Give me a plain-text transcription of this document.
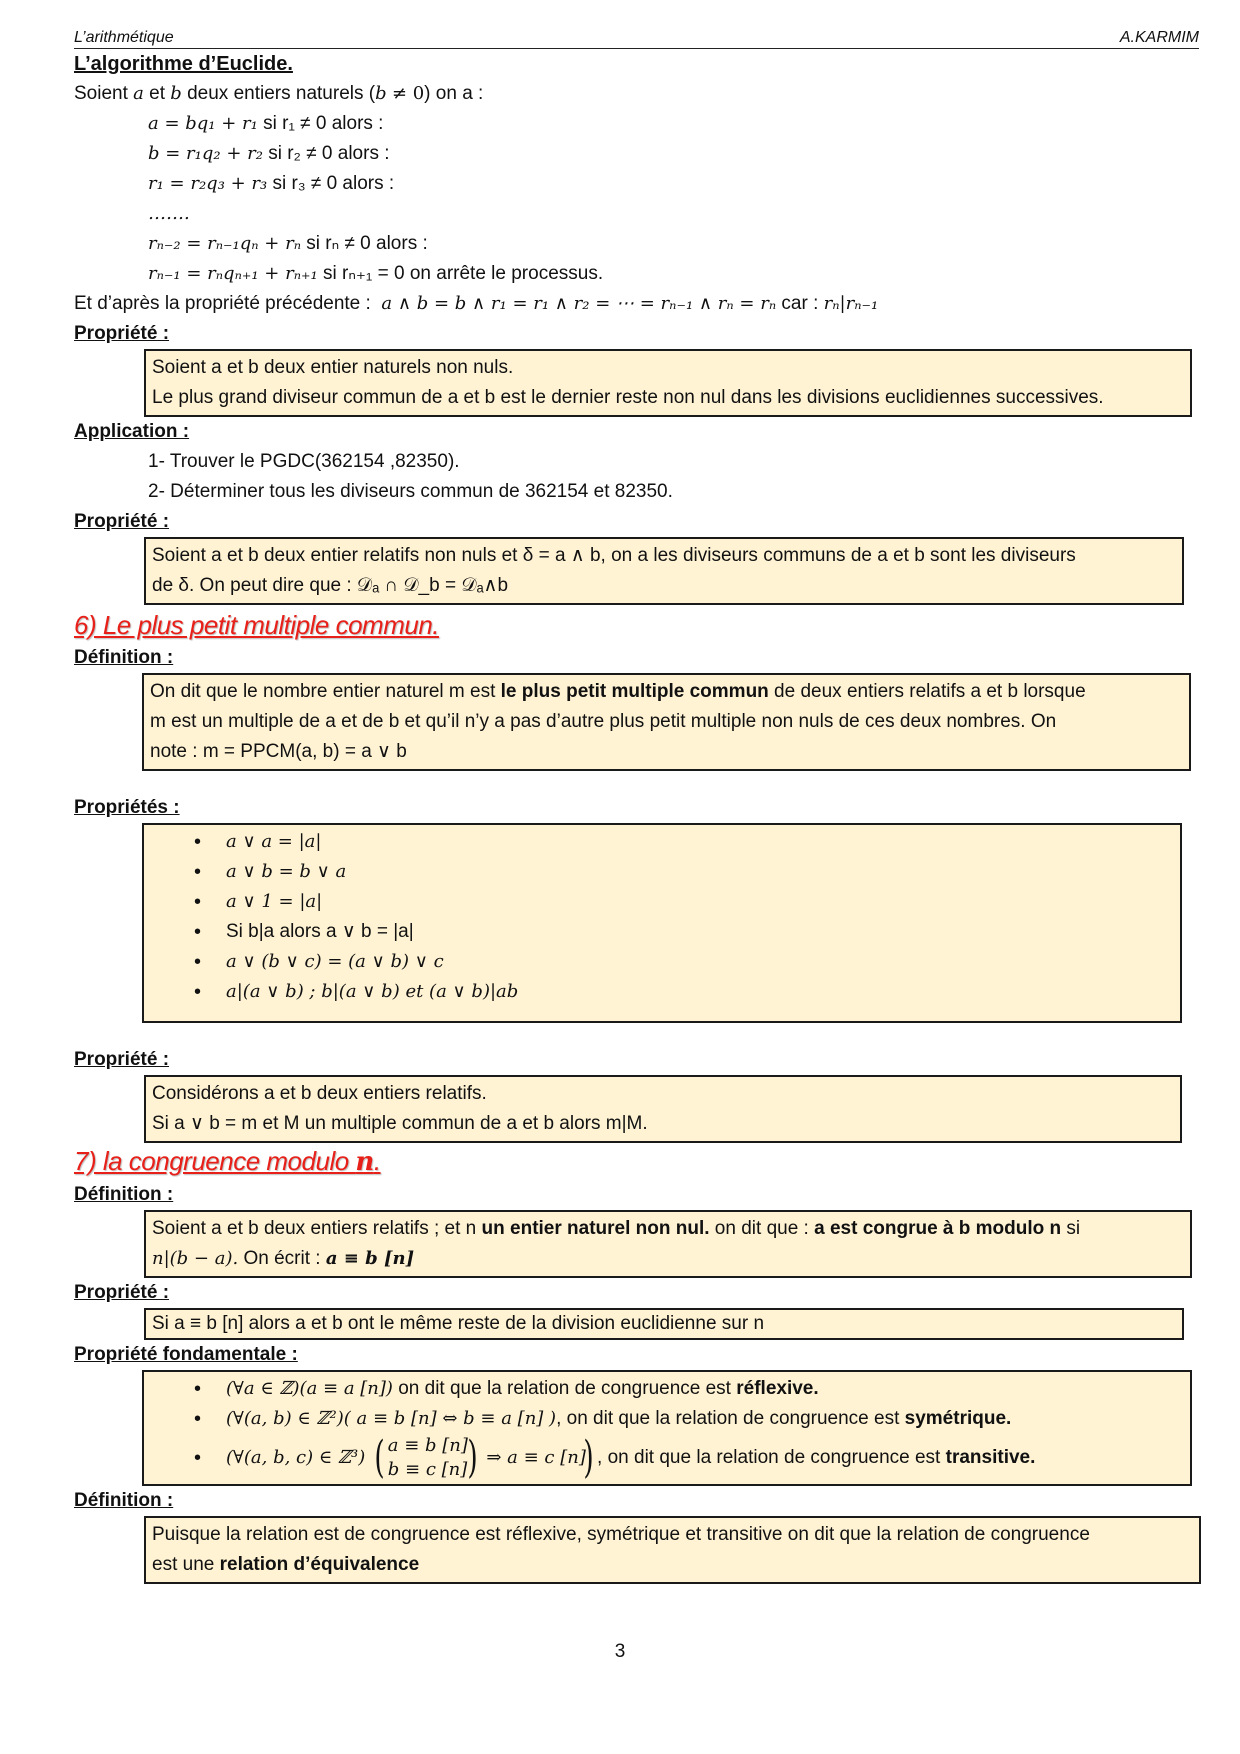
L’arithmétique	A.KARMIM
L’algorithme d’Euclide.
Soient a et b deux entiers naturels (b ≠ 0) on a :
a = bq₁ + r₁ si r₁ ≠ 0 alors :
b = r₁q₂ + r₂ si r₂ ≠ 0 alors :
r₁ = r₂q₃ + r₃ si r₃ ≠ 0 alors :
…….
rₙ₋₂ = rₙ₋₁qₙ + rₙ si rₙ ≠ 0 alors :
rₙ₋₁ = rₙqₙ₊₁ + rₙ₊₁ si rₙ₊₁ = 0 on arrête le processus.
Et d’après la propriété précédente : a ∧ b = b ∧ r₁ = r₁ ∧ r₂ = ⋯ = rₙ₋₁ ∧ rₙ = rₙ car : rₙ|rₙ₋₁
Propriété :
Soient a et b deux entier naturels non nuls.
Le plus grand diviseur commun de a et b est le dernier reste non nul dans les divisions euclidiennes successives.
Application :
1- Trouver le PGDC(362154 ,82350).
2- Déterminer tous les diviseurs commun de 362154 et 82350.
Propriété :
Soient a et b deux entier relatifs non nuls et δ = a ∧ b, on a les diviseurs communs de a et b sont les diviseurs
de δ. On peut dire que : 𝒟ₐ ∩ 𝒟_b = 𝒟ₐ∧b
6) Le plus petit multiple commun.
Définition :
On dit que le nombre entier naturel m est le plus petit multiple commun de deux entiers relatifs a et b lorsque
m est un multiple de a et de b et qu’il n’y a pas d’autre plus petit multiple non nuls de ces deux nombres. On
note : m = PPCM(a, b) = a ∨ b
Propriétés :
• a ∨ a = |a|
• a ∨ b = b ∨ a
• a ∨ 1 = |a|
• Si b|a alors a ∨ b = |a|
• a ∨ (b ∨ c) = (a ∨ b) ∨ c
• a|(a ∨ b) ; b|(a ∨ b) et (a ∨ b)|ab
Propriété :
Considérons a et b deux entiers relatifs.
Si a ∨ b = m et M un multiple commun de a et b alors m|M.
7) la congruence modulo n.
Définition :
Soient a et b deux entiers relatifs ; et n un entier naturel non nul. on dit que : a est congrue à b modulo n si
n|(b − a). On écrit : a ≡ b [n]
Propriété :
Si a ≡ b [n] alors a et b ont le même reste de la division euclidienne sur n
Propriété fondamentale :
• (∀a ∈ ℤ)(a ≡ a [n]) on dit que la relation de congruence est réflexive.
• (∀(a, b) ∈ ℤ²)( a ≡ b [n] ⇔ b ≡ a [n] ), on dit que la relation de congruence est symétrique.
• (∀(a, b, c) ∈ ℤ³) ( a ≡ b [n]
b ≡ c [n] ) ⇒ a ≡ c [n]) , on dit que la relation de congruence est transitive.
Définition :
Puisque la relation est de congruence est réflexive, symétrique et transitive on dit que la relation de congruence
est une relation d’équivalence
3
